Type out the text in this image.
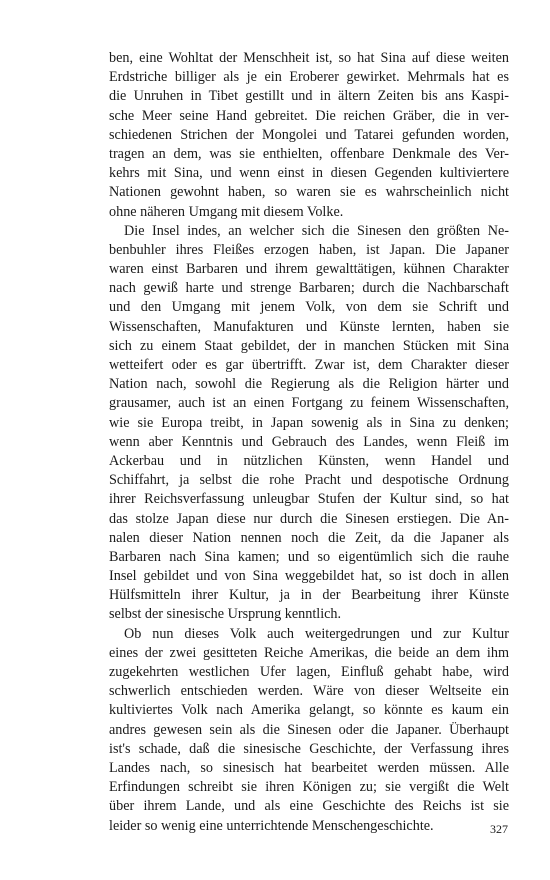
ben, eine Wohltat der Menschheit ist, so hat Sina auf diese weiten
Erdstriche billiger als je ein Eroberer gewirket. Mehrmals hat es
die Unruhen in Tibet gestillt und in ältern Zeiten bis ans Kaspi-
sche Meer seine Hand gebreitet. Die reichen Gräber, die in ver-
schiedenen Strichen der Mongolei und Tatarei gefunden worden,
tragen an dem, was sie enthielten, offenbare Denkmale des Ver-
kehrs mit Sina, und wenn einst in diesen Gegenden kultiviertere
Nationen gewohnt haben, so waren sie es wahrscheinlich nicht
ohne näheren Umgang mit diesem Volke.
Die Insel indes, an welcher sich die Sinesen den größten Ne-
benbuhler ihres Fleißes erzogen haben, ist Japan. Die Japaner
waren einst Barbaren und ihrem gewalttätigen, kühnen Charakter
nach gewiß harte und strenge Barbaren; durch die Nachbarschaft
und den Umgang mit jenem Volk, von dem sie Schrift und
Wissenschaften, Manufakturen und Künste lernten, haben sie
sich zu einem Staat gebildet, der in manchen Stücken mit Sina
wetteifert oder es gar übertrifft. Zwar ist, dem Charakter dieser
Nation nach, sowohl die Regierung als die Religion härter und
grausamer, auch ist an einen Fortgang zu feinem Wissenschaften,
wie sie Europa treibt, in Japan sowenig als in Sina zu denken;
wenn aber Kenntnis und Gebrauch des Landes, wenn Fleiß im
Ackerbau und in nützlichen Künsten, wenn Handel und
Schiffahrt, ja selbst die rohe Pracht und despotische Ordnung
ihrer Reichsverfassung unleugbar Stufen der Kultur sind, so hat
das stolze Japan diese nur durch die Sinesen erstiegen. Die An-
nalen dieser Nation nennen noch die Zeit, da die Japaner als
Barbaren nach Sina kamen; und so eigentümlich sich die rauhe
Insel gebildet und von Sina weggebildet hat, so ist doch in allen
Hülfsmitteln ihrer Kultur, ja in der Bearbeitung ihrer Künste
selbst der sinesische Ursprung kenntlich.
Ob nun dieses Volk auch weitergedrungen und zur Kultur
eines der zwei gesitteten Reiche Amerikas, die beide an dem ihm
zugekehrten westlichen Ufer lagen, Einfluß gehabt habe, wird
schwerlich entschieden werden. Wäre von dieser Weltseite ein
kultiviertes Volk nach Amerika gelangt, so könnte es kaum ein
andres gewesen sein als die Sinesen oder die Japaner. Überhaupt
ist's schade, daß die sinesische Geschichte, der Verfassung ihres
Landes nach, so sinesisch hat bearbeitet werden müssen. Alle
Erfindungen schreibt sie ihren Königen zu; sie vergißt die Welt
über ihrem Lande, und als eine Geschichte des Reichs ist sie
leider so wenig eine unterrichtende Menschengeschichte.	327
